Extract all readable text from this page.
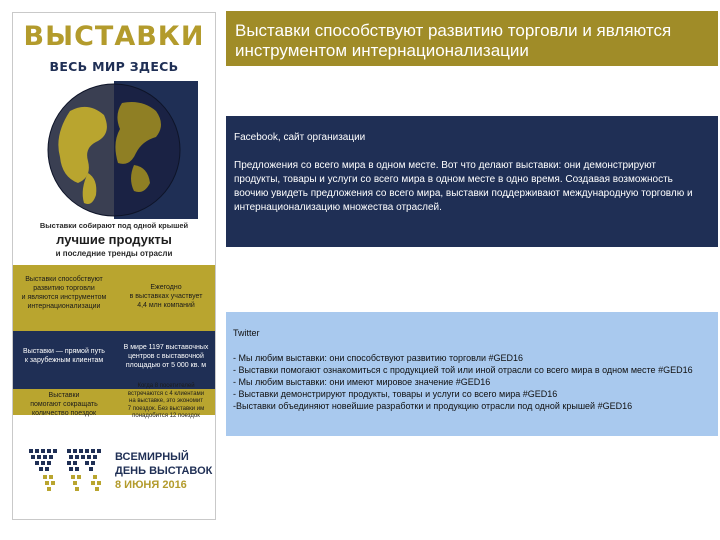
ВЫСТАВКИ
ВЕСЬ МИР ЗДЕСЬ
Выставки собирают под одной крышей
лучшие продукты
и последние тренды отрасли
Выставки способствуют
развитию торговли
и являются инструментом
интернационализации
Ежегодно
в выставках участвует
4,4 млн компаний
Выставки — прямой путь
к зарубежным клиентам
В мире 1197 выставочных
центров с выставочной
площадью от 5 000 кв. м
Выставки
помогают сокращать
количество поездок
Когда 8 посетителей
встречаются с 4 клиентами
на выставке, это экономит
7 поездок. Без выставки им понадобится 12 поездок
ВСЕМИРНЫЙ
ДЕНЬ ВЫСТАВОК
8 ИЮНЯ 2016
Выставки способствуют развитию торговли и являются инструментом интернационализации
Facebook, сайт организации
Предложения со всего мира в одном месте. Вот что делают выставки: они демонстрируют продукты, товары и услуги со всего мира в одном месте в одно время. Создавая возможность воочию увидеть предложения со всего мира, выставки поддерживают международную торговлю и интернационализацию множества отраслей.
Twitter
- Мы любим выставки: они способствуют развитию торговли #GED16
- Выставки помогают ознакомиться с продукцией той или иной отрасли со всего мира в одном месте #GED16
- Мы любим выставки: они имеют мировое значение #GED16
- Выставки демонстрируют продукты, товары и услуги со всего мира #GED16
-Выставки объединяют новейшие разработки и продукцию отрасли под одной крышей #GED16
